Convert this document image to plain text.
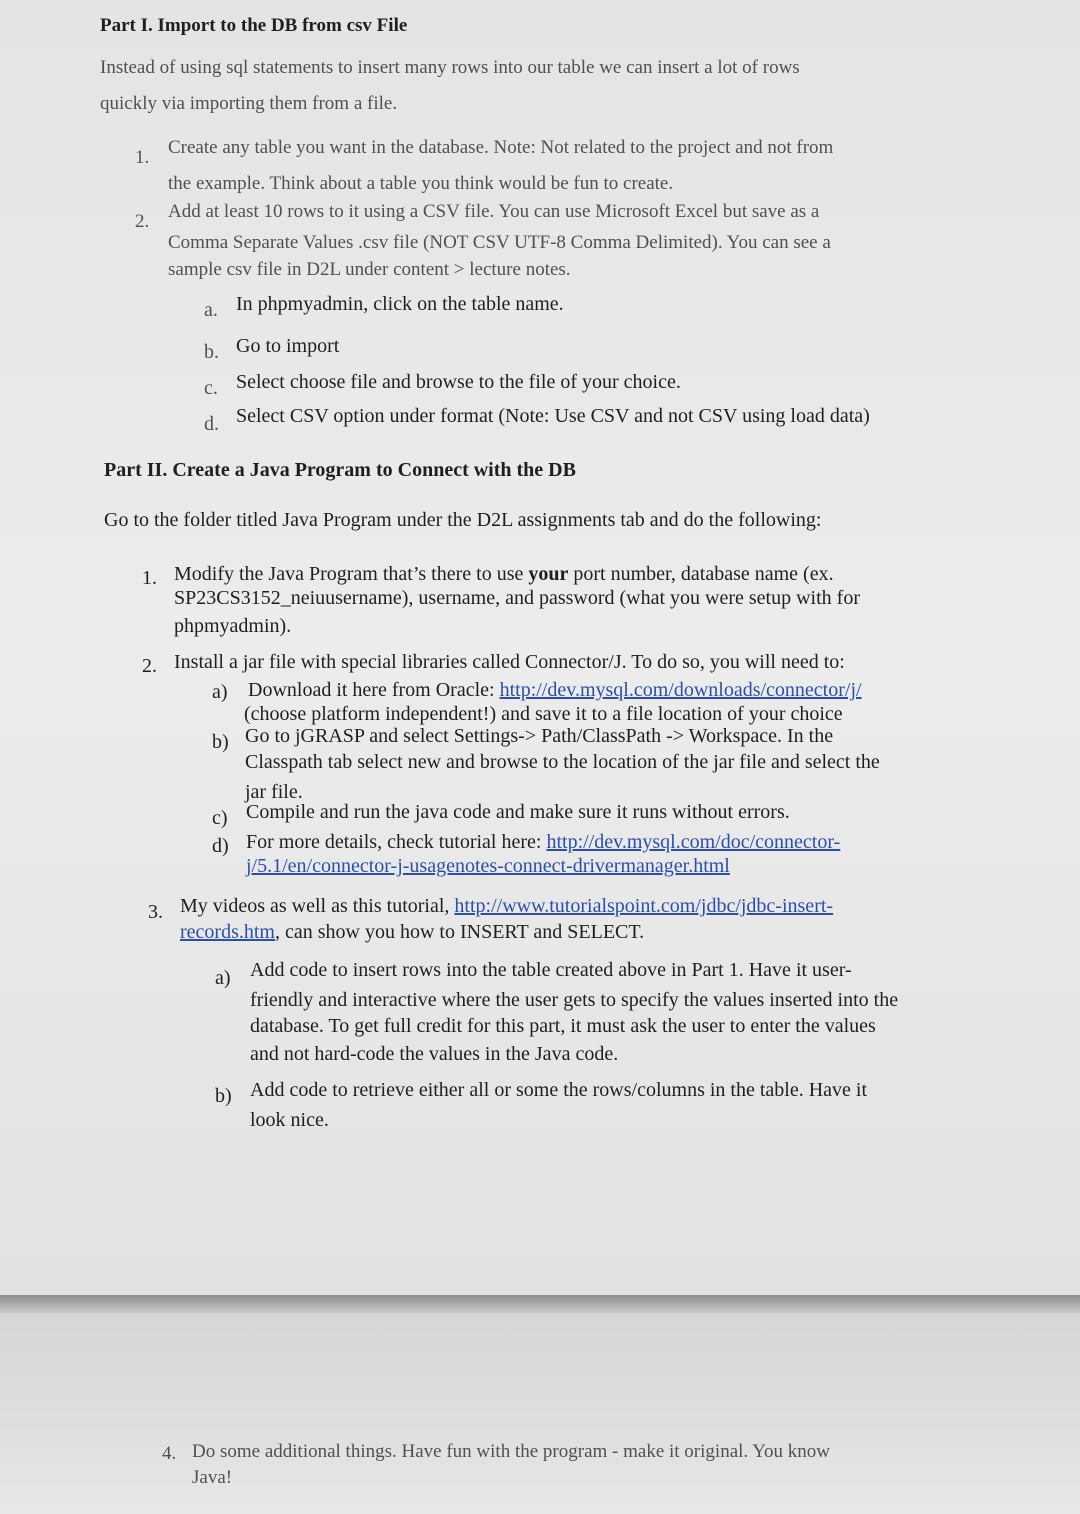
Part I. Import to the DB from csv File
Instead of using sql statements to insert many rows into our table we can insert a lot of rows
quickly via importing them from a file.
1. Create any table you want in the database. Note: Not related to the project and not from
the example. Think about a table you think would be fun to create.
2. Add at least 10 rows to it using a CSV file. You can use Microsoft Excel but save as a
Comma Separate Values .csv file (NOT CSV UTF-8 Comma Delimited). You can see a
sample csv file in D2L under content > lecture notes.
a. In phpmyadmin, click on the table name.
b. Go to import
c. Select choose file and browse to the file of your choice.
d. Select CSV option under format (Note: Use CSV and not CSV using load data)
Part II. Create a Java Program to Connect with the DB
Go to the folder titled Java Program under the D2L assignments tab and do the following:
1. Modify the Java Program that’s there to use your port number, database name (ex.
SP23CS3152_neiuusername), username, and password (what you were setup with for
phpmyadmin).
2. Install a jar file with special libraries called Connector/J. To do so, you will need to:
a) Download it here from Oracle: http://dev.mysql.com/downloads/connector/j/
(choose platform independent!) and save it to a file location of your choice
b) Go to jGRASP and select Settings-> Path/ClassPath -> Workspace. In the
Classpath tab select new and browse to the location of the jar file and select the
jar file.
c) Compile and run the java code and make sure it runs without errors.
d) For more details, check tutorial here: http://dev.mysql.com/doc/connector-
j/5.1/en/connector-j-usagenotes-connect-drivermanager.html
3. My videos as well as this tutorial, http://www.tutorialspoint.com/jdbc/jdbc-insert-
records.htm, can show you how to INSERT and SELECT.
a) Add code to insert rows into the table created above in Part 1. Have it user-
friendly and interactive where the user gets to specify the values inserted into the
database. To get full credit for this part, it must ask the user to enter the values
and not hard-code the values in the Java code.
b) Add code to retrieve either all or some the rows/columns in the table. Have it
look nice.
4. Do some additional things. Have fun with the program - make it original. You know
Java!
